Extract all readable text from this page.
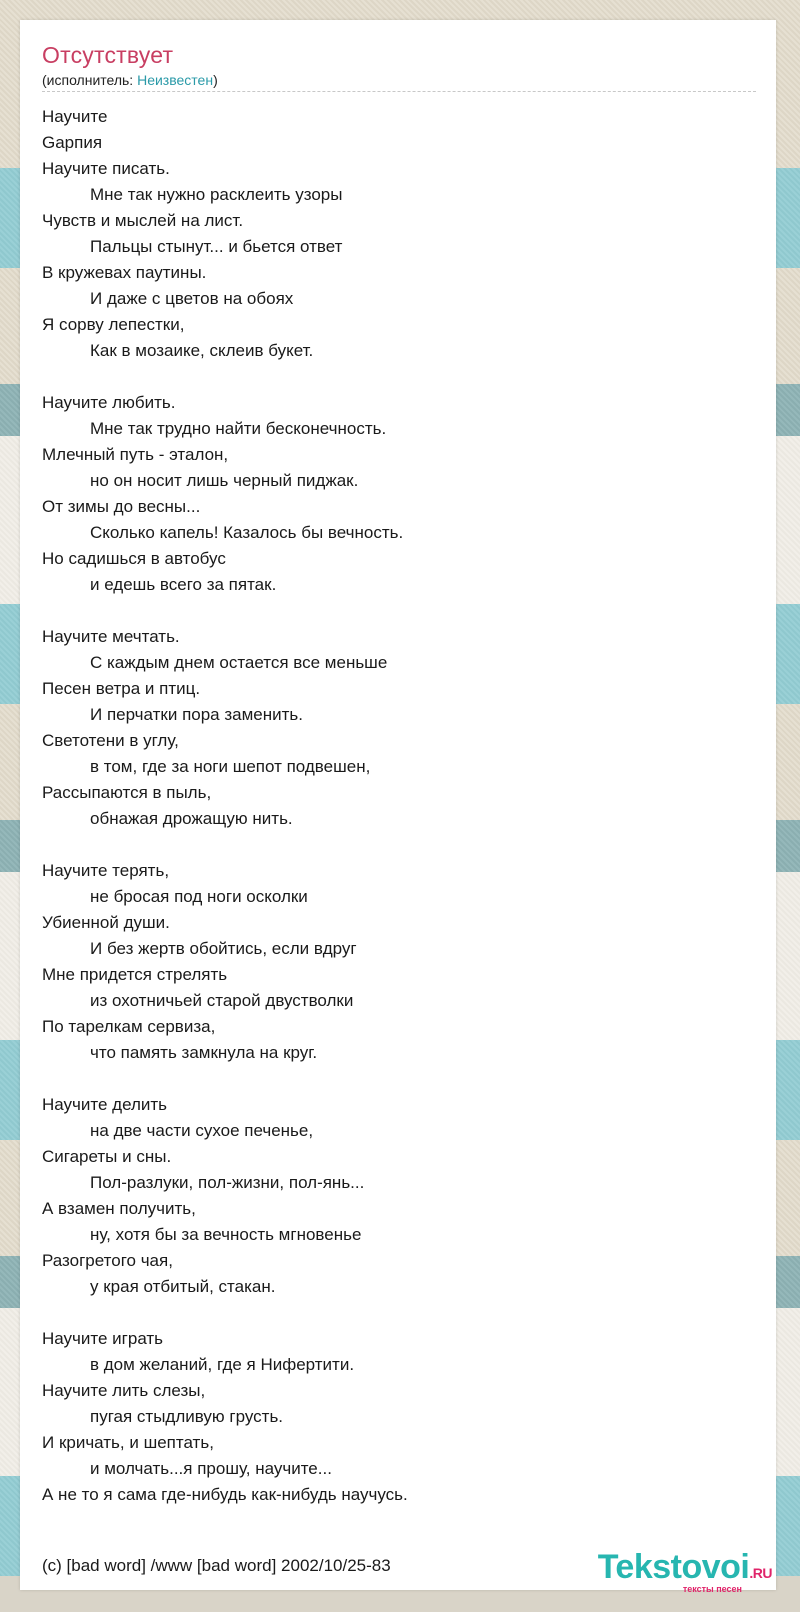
Отсутствует
(исполнитель: Неизвестен)
Научите
Gарпия
Научите писать.
Мне так нужно расклеить узоры
Чувств и мыслей на лист.
Пальцы стынут... и бьется ответ
В кружевах паутины.
И даже с цветов на обоях
Я сорву лепестки,
Как в мозаике, склеив букет.
Научите любить.
Мне так трудно найти бесконечность.
Млечный путь - эталон,
но он носит лишь черный пиджак.
От зимы до весны...
Сколько капель! Казалось бы вечность.
Но садишься в автобус
и едешь всего за пятак.
Научите мечтать.
С каждым днем остается все меньше
Песен ветра и птиц.
И перчатки пора заменить.
Светотени в углу,
в том, где за ноги шепот подвешен,
Рассыпаются в пыль,
обнажая дрожащую нить.
Научите терять,
не бросая под ноги осколки
Убиенной души.
И без жертв обойтись, если вдруг
Мне придется стрелять
из охотничьей старой двустволки
По тарелкам сервиза,
что память замкнула на круг.
Научите делить
на две части сухое печенье,
Сигареты и сны.
Пол-разлуки, пол-жизни, пол-янь...
А взамен получить,
ну, хотя бы за вечность мгновенье
Разогретого чая,
у края отбитый, стакан.
Научите играть
в дом желаний, где я Нифертити.
Научите лить слезы,
пугая стыдливую грусть.
И кричать, и шептать,
и молчать...я прошу, научите...
А не то я сама где-нибудь как-нибудь научусь.
(c) [bad word] /www [bad word] 2002/10/25-83	Tekstovoi.RU
тексты песен
